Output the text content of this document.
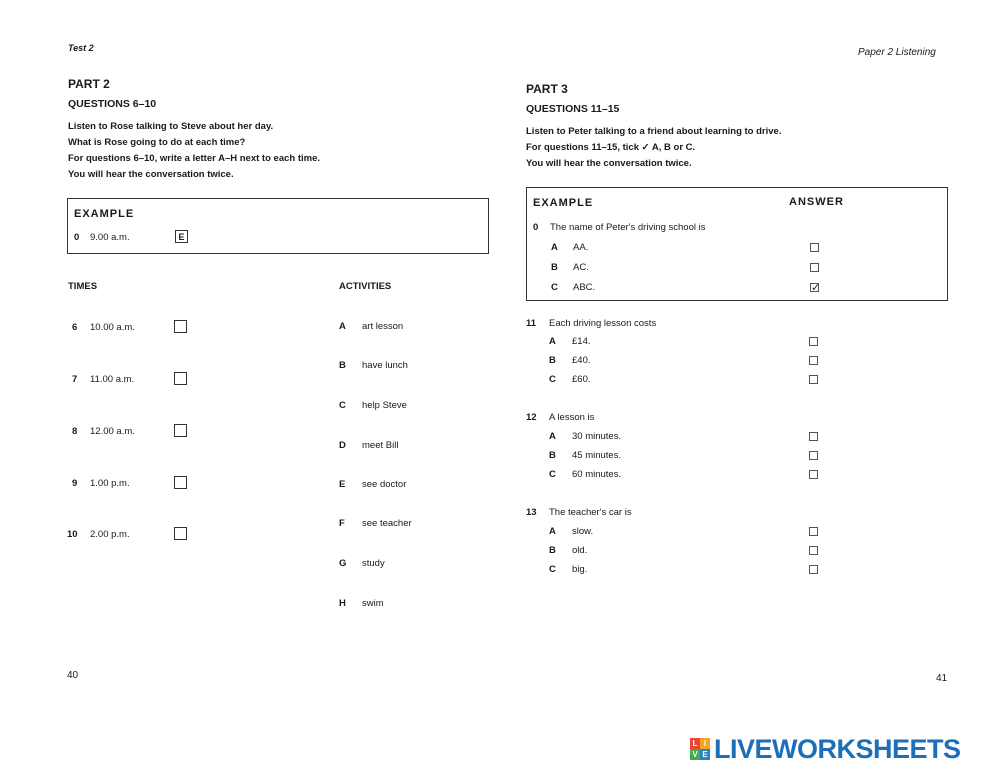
Test 2	Paper 2 Listening
PART 2
QUESTIONS 6–10
Listen to Rose talking to Steve about her day.
What is Rose going to do at each time?
For questions 6–10, write a letter A–H next to each time.
You will hear the conversation twice.
EXAMPLE
0 9.00 a.m.	E
TIMES	ACTIVITIES
6 10.00 a.m.
7 11.00 a.m.
8 12.00 a.m.
9 1.00 p.m.
10 2.00 p.m.
A art lesson
B have lunch
C help Steve
D meet Bill
E see doctor
F see teacher
G study
H swim
40
PART 3
QUESTIONS 11–15
Listen to Peter talking to a friend about learning to drive.
For questions 11–15, tick ✓ A, B or C.
You will hear the conversation twice.
EXAMPLE	ANSWER
0 The name of Peter's driving school is
A AA.
B AC.
C ABC.	✓
11 Each driving lesson costs
A £14.
B £40.
C £60.
12 A lesson is
A 30 minutes.
B 45 minutes.
C 60 minutes.
13 The teacher's car is
A slow.
B old.
C big.
41
L I
V E LIVEWORKSHEETS
